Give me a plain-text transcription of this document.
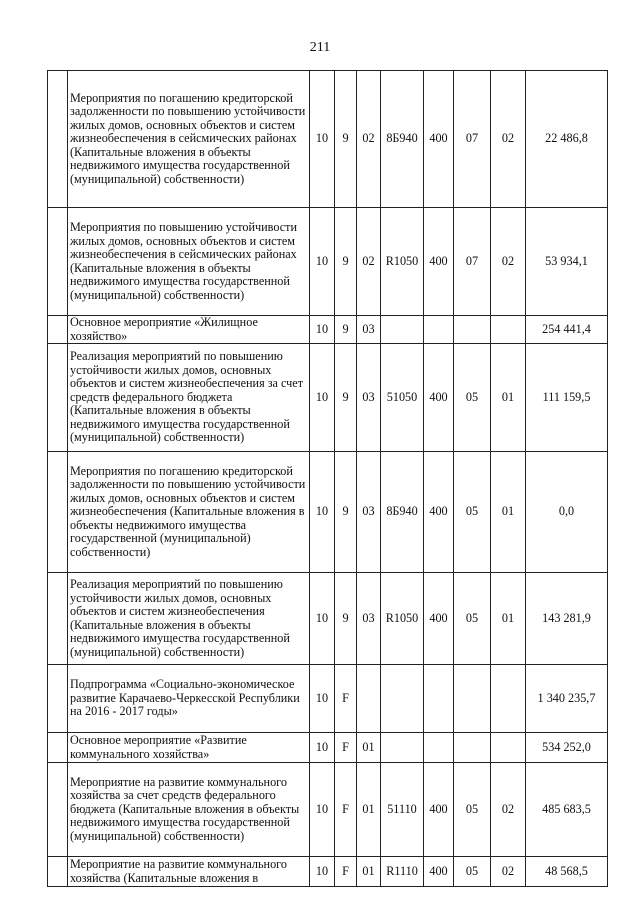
211
	Мероприятия по погашению кредиторской задолженности по повышению устойчивости жилых домов, основных объектов и систем жизнеобеспечения в сейсмических районах (Капитальные вложения в объекты недвижимого имущества государственной (муниципальной) собственности)	10	9	02	8Б940	400	07	02	22 486,8
	Мероприятия по повышению устойчивости жилых домов, основных объектов и систем жизнеобеспечения в сейсмических районах (Капитальные вложения в объекты недвижимого имущества государственной (муниципальной) собственности)	10	9	02	R1050	400	07	02	53 934,1
	Основное мероприятие «Жилищное хозяйство»	10	9	03					254 441,4
	Реализация мероприятий по повышению устойчивости жилых домов, основных объектов и систем жизнеобеспечения за счет средств федерального бюджета (Капитальные вложения в объекты недвижимого имущества государственной (муниципальной) собственности)	10	9	03	51050	400	05	01	111 159,5
	Мероприятия по погашению кредиторской задолженности по повышению устойчивости жилых домов, основных объектов и систем жизнеобеспечения (Капитальные вложения в объекты недвижимого имущества государственной (муниципальной) собственности)	10	9	03	8Б940	400	05	01	0,0
	Реализация мероприятий по повышению устойчивости жилых домов, основных объектов и систем жизнеобеспечения (Капитальные вложения в объекты недвижимого имущества государственной (муниципальной) собственности)	10	9	03	R1050	400	05	01	143 281,9
	Подпрограмма «Социально-экономическое развитие Карачаево-Черкесской Республики на 2016 - 2017 годы»	10	F						1 340 235,7
	Основное мероприятие «Развитие коммунального хозяйства»	10	F	01					534 252,0
	Мероприятие на развитие коммунального хозяйства за счет средств федерального бюджета (Капитальные вложения в объекты недвижимого имущества государственной (муниципальной) собственности)	10	F	01	51110	400	05	02	485 683,5
	Мероприятие на развитие коммунального хозяйства (Капитальные вложения в	10	F	01	R1110	400	05	02	48 568,5
